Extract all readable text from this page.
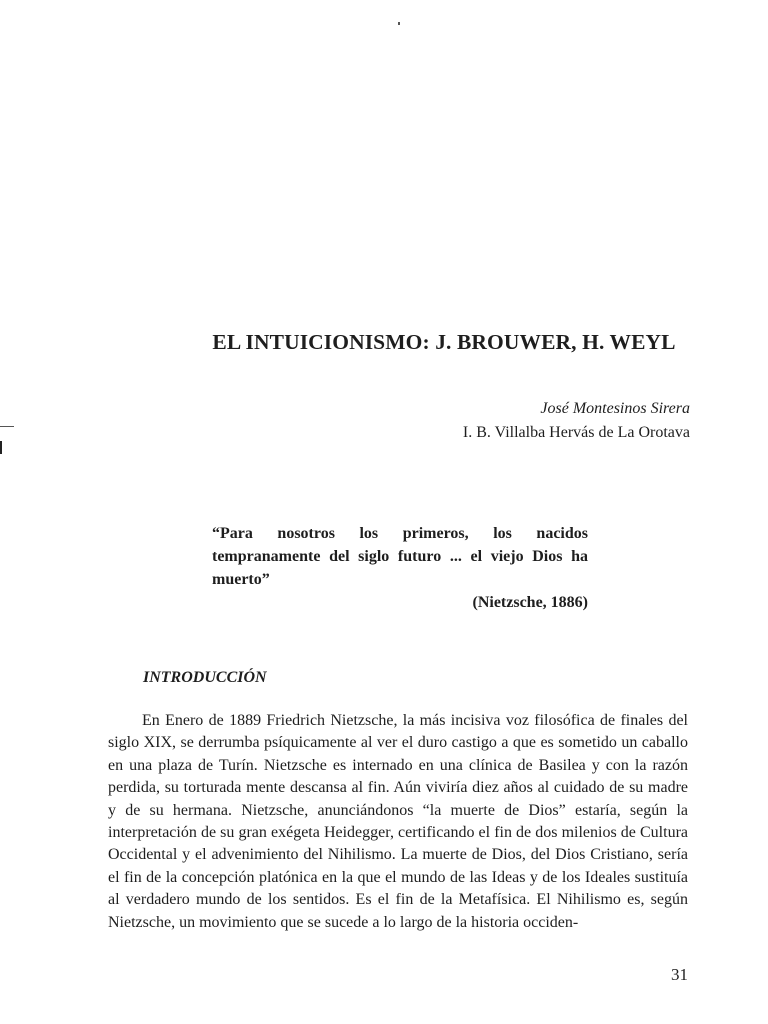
EL INTUICIONISMO: J. BROUWER, H. WEYL
José Montesinos Sirera
I. B. Villalba Hervás de La Orotava
“Para nosotros los primeros, los nacidos tempranamente del siglo futuro ... el viejo Dios ha muerto”
(Nietzsche, 1886)
INTRODUCCIÓN

En Enero de 1889 Friedrich Nietzsche, la más incisiva voz filosófica de finales del siglo XIX, se derrumba psíquicamente al ver el duro castigo a que es sometido un caballo en una plaza de Turín. Nietzsche es internado en una clínica de Basilea y con la razón perdida, su torturada mente descansa al fin. Aún viviría diez años al cuidado de su madre y de su hermana. Nietzsche, anunciándonos “la muerte de Dios” estaría, según la interpretación de su gran exégeta Heidegger, certificando el fin de dos milenios de Cultura Occidental y el advenimiento del Nihilismo. La muerte de Dios, del Dios Cristiano, sería el fin de la concepción platónica en la que el mundo de las Ideas y de los Ideales sustituía al verdadero mundo de los sentidos. Es el fin de la Metafísica. El Nihilismo es, según Nietzsche, un movimiento que se sucede a lo largo de la historia occiden-

31
